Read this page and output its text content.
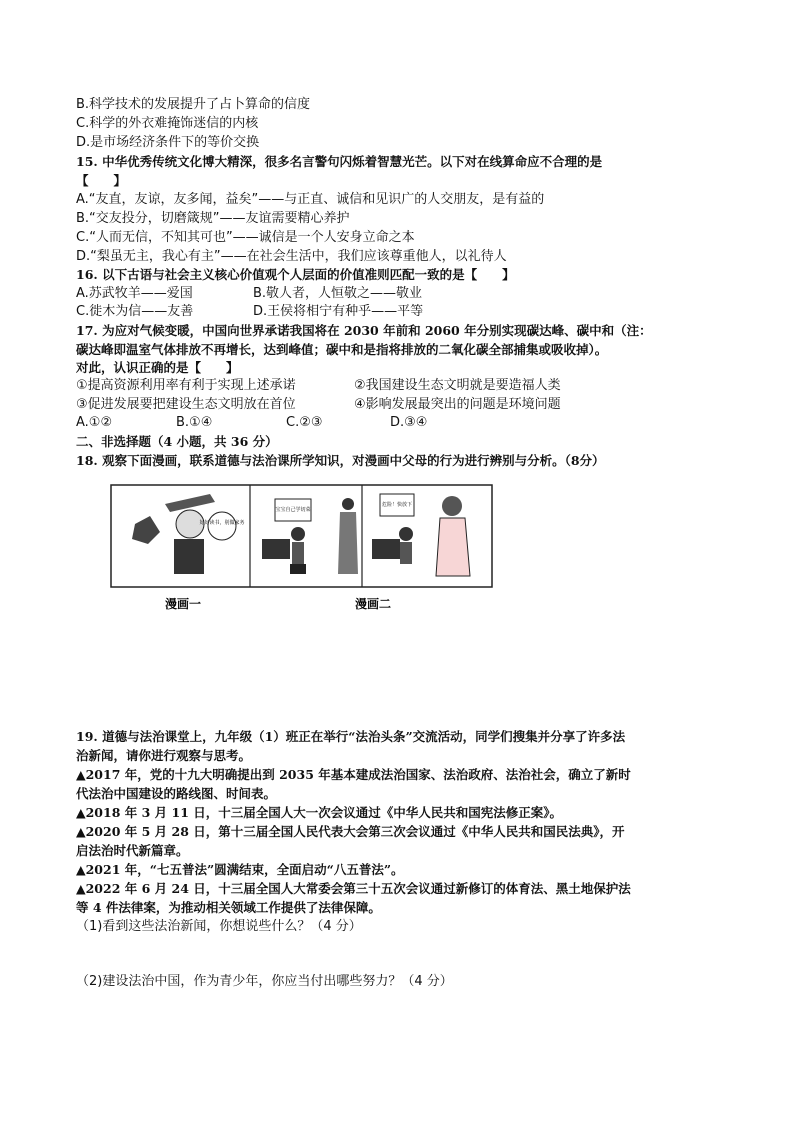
B.科学技术的发展提升了占卜算命的信度
C.科学的外衣难掩饰迷信的内核
D.是市场经济条件下的等价交换
15. 中华优秀传统文化博大精深，很多名言警句闪烁着智慧光芒。以下对在线算命应不合理的是
【　　】
A.“友直，友谅，友多闻，益矣”——与正直、诚信和见识广的人交朋友，是有益的
B.“交友投分，切磨箴规”——友谊需要精心养护
C.“人而无信，不知其可也”——诚信是一个人安身立命之本
D.“梨虽无主，我心有主”——在社会生活中，我们应该尊重他人，以礼待人
16. 以下古语与社会主义核心价值观个人层面的价值准则匹配一致的是【　　】
A.苏武牧羊——爱国	B.敬人者，人恒敬之——敬业
C.徙木为信——友善	D.王侯将相宁有种乎——平等
17. 为应对气候变暖，中国向世界承诺我国将在 2030 年前和 2060 年分别实现碳达峰、碳中和（注：
碳达峰即温室气体排放不再增长，达到峰值；碳中和是指将排放的二氧化碳全部捕集或吸收掉）。
对此，认识正确的是【　　】
①提高资源利用率有利于实现上述承诺	②我国建设生态文明就是要造福人类
③促进发展要把建设生态文明放在首位	④影响发展最突出的问题是环境问题
A.①②	B.①④	C.②③	D.③④
二、非选择题（4 小题，共 36 分）
18. 观察下面漫画，联系道德与法治课所学知识，对漫画中父母的行为进行辨别与分析。（8分）
好好读书，别做家务
宝宝自己学切菜
危险！快放下
漫画一	漫画二
19. 道德与法治课堂上，九年级（1）班正在举行“法治头条”交流活动，同学们搜集并分享了许多法
治新闻，请你进行观察与思考。
▲2017 年，党的十九大明确提出到 2035 年基本建成法治国家、法治政府、法治社会，确立了新时
代法治中国建设的路线图、时间表。
▲2018 年 3 月 11 日，十三届全国人大一次会议通过《中华人民共和国宪法修正案》。
▲2020 年 5 月 28 日，第十三届全国人民代表大会第三次会议通过《中华人民共和国民法典》，开
启法治时代新篇章。
▲2021 年，“七五普法”圆满结束，全面启动“八五普法”。
▲2022 年 6 月 24 日，十三届全国人大常委会第三十五次会议通过新修订的体育法、黑土地保护法
等 4 件法律案，为推动相关领域工作提供了法律保障。
（1)看到这些法治新闻，你想说些什么？（4 分）
（2)建设法治中国，作为青少年，你应当付出哪些努力？（4 分）
